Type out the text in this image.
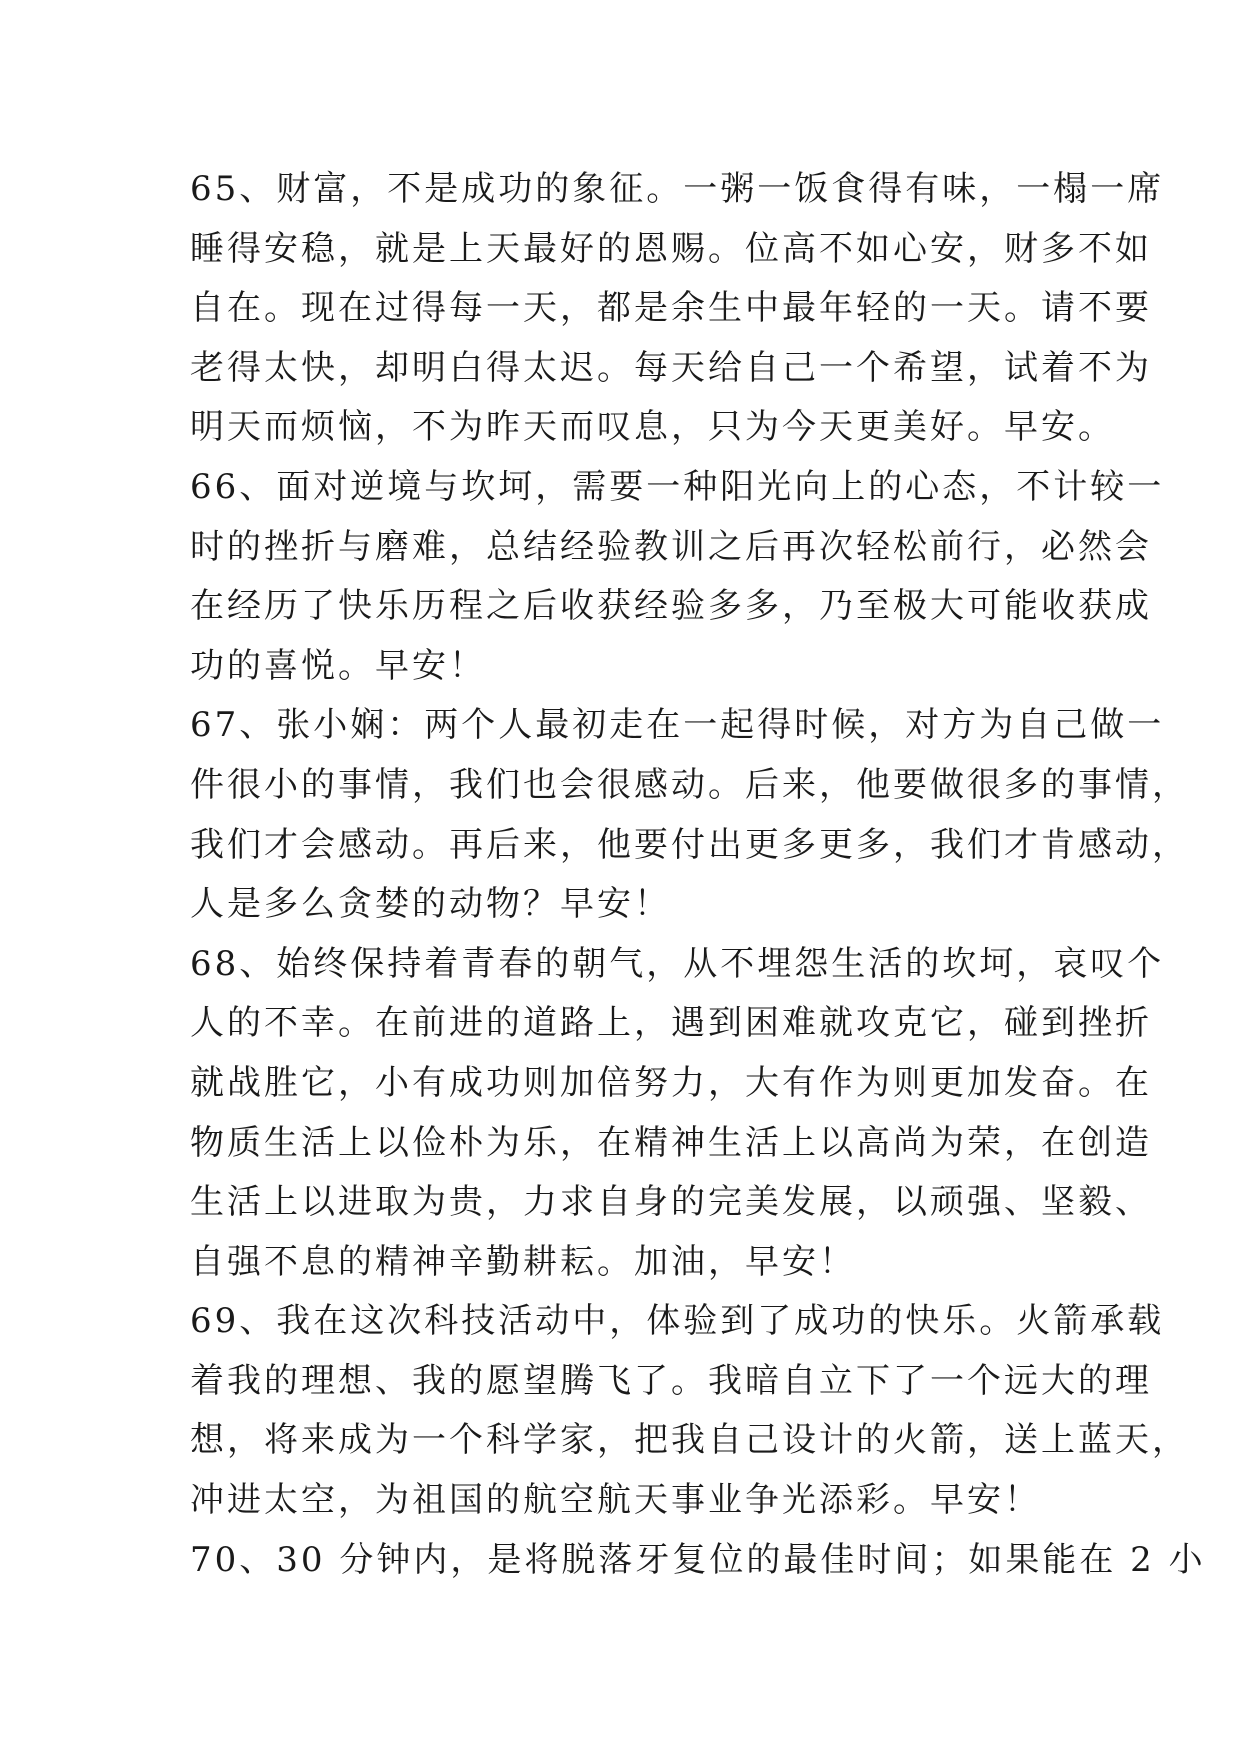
65、财富，不是成功的象征。一粥一饭食得有味，一榻一席
睡得安稳，就是上天最好的恩赐。位高不如心安，财多不如
自在。现在过得每一天，都是余生中最年轻的一天。请不要
老得太快，却明白得太迟。每天给自己一个希望，试着不为
明天而烦恼，不为昨天而叹息，只为今天更美好。早安。
66、面对逆境与坎坷，需要一种阳光向上的心态，不计较一
时的挫折与磨难，总结经验教训之后再次轻松前行，必然会
在经历了快乐历程之后收获经验多多，乃至极大可能收获成
功的喜悦。早安！
67、张小娴：两个人最初走在一起得时候，对方为自己做一
件很小的事情，我们也会很感动。后来，他要做很多的事情，
我们才会感动。再后来，他要付出更多更多，我们才肯感动，
人是多么贪婪的动物？早安！
68、始终保持着青春的朝气，从不埋怨生活的坎坷，哀叹个
人的不幸。在前进的道路上，遇到困难就攻克它，碰到挫折
就战胜它，小有成功则加倍努力，大有作为则更加发奋。在
物质生活上以俭朴为乐，在精神生活上以高尚为荣，在创造
生活上以进取为贵，力求自身的完美发展，以顽强、坚毅、
自强不息的精神辛勤耕耘。加油，早安！
69、我在这次科技活动中，体验到了成功的快乐。火箭承载
着我的理想、我的愿望腾飞了。我暗自立下了一个远大的理
想，将来成为一个科学家，把我自己设计的火箭，送上蓝天，
冲进太空，为祖国的航空航天事业争光添彩。早安！
70、30 分钟内，是将脱落牙复位的最佳时间；如果能在 2 小
